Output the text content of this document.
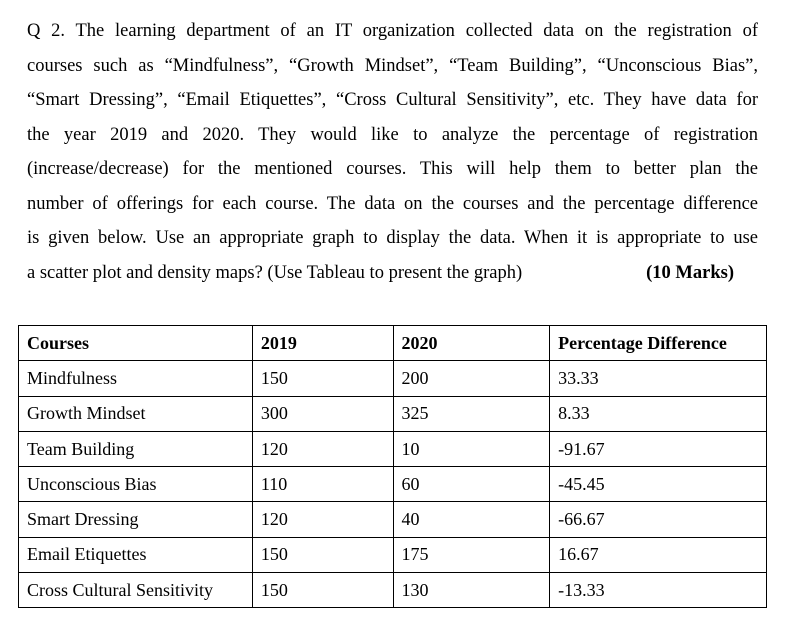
Q 2. The learning department of an IT organization collected data on the registration of
courses such as “Mindfulness”, “Growth Mindset”, “Team Building”, “Unconscious Bias”,
“Smart Dressing”, “Email Etiquettes”, “Cross Cultural Sensitivity”, etc. They have data for
the year 2019 and 2020. They would like to analyze the percentage of registration
(increase/decrease) for the mentioned courses. This will help them to better plan the
number of offerings for each course. The data on the courses and the percentage difference
is given below. Use an appropriate graph to display the data. When it is appropriate to use
a scatter plot and density maps? (Use Tableau to present the graph)	(10 Marks)
Courses	2019	2020	Percentage Difference
Mindfulness	150	200	33.33
Growth Mindset	300	325	8.33
Team Building	120	10	-91.67
Unconscious Bias	110	60	-45.45
Smart Dressing	120	40	-66.67
Email Etiquettes	150	175	16.67
Cross Cultural Sensitivity	150	130	-13.33
